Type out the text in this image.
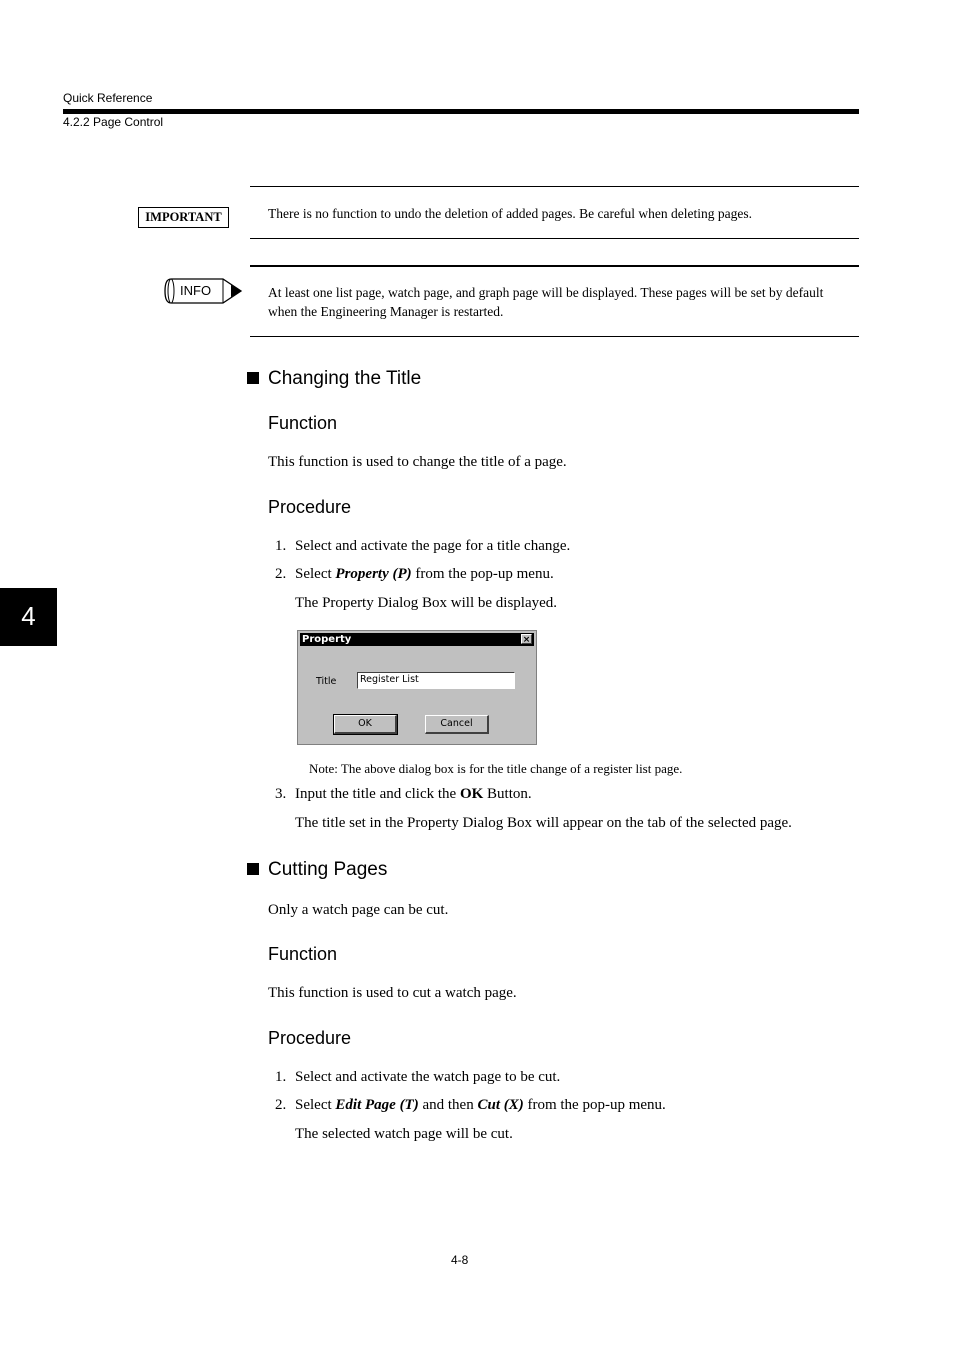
Quick Reference
4.2.2 Page Control
IMPORTANT	There is no function to undo the deletion of added pages. Be careful when deleting pages.
INFO	At least one list page, watch page, and graph page will be displayed. These pages will be set by default
when the Engineering Manager is restarted.
4
Changing the Title
Function
This function is used to change the title of a page.
Procedure
1. Select and activate the page for a title change.
2. Select Property (P) from the pop-up menu.
The Property Dialog Box will be displayed.
Property	×
Title	Register List
OK	Cancel
Note: The above dialog box is for the title change of a register list page.
3. Input the title and click the OK Button.
The title set in the Property Dialog Box will appear on the tab of the selected page.
Cutting Pages
Only a watch page can be cut.
Function
This function is used to cut a watch page.
Procedure
1. Select and activate the watch page to be cut.
2. Select Edit Page (T) and then Cut (X) from the pop-up menu.
The selected watch page will be cut.
4-8
